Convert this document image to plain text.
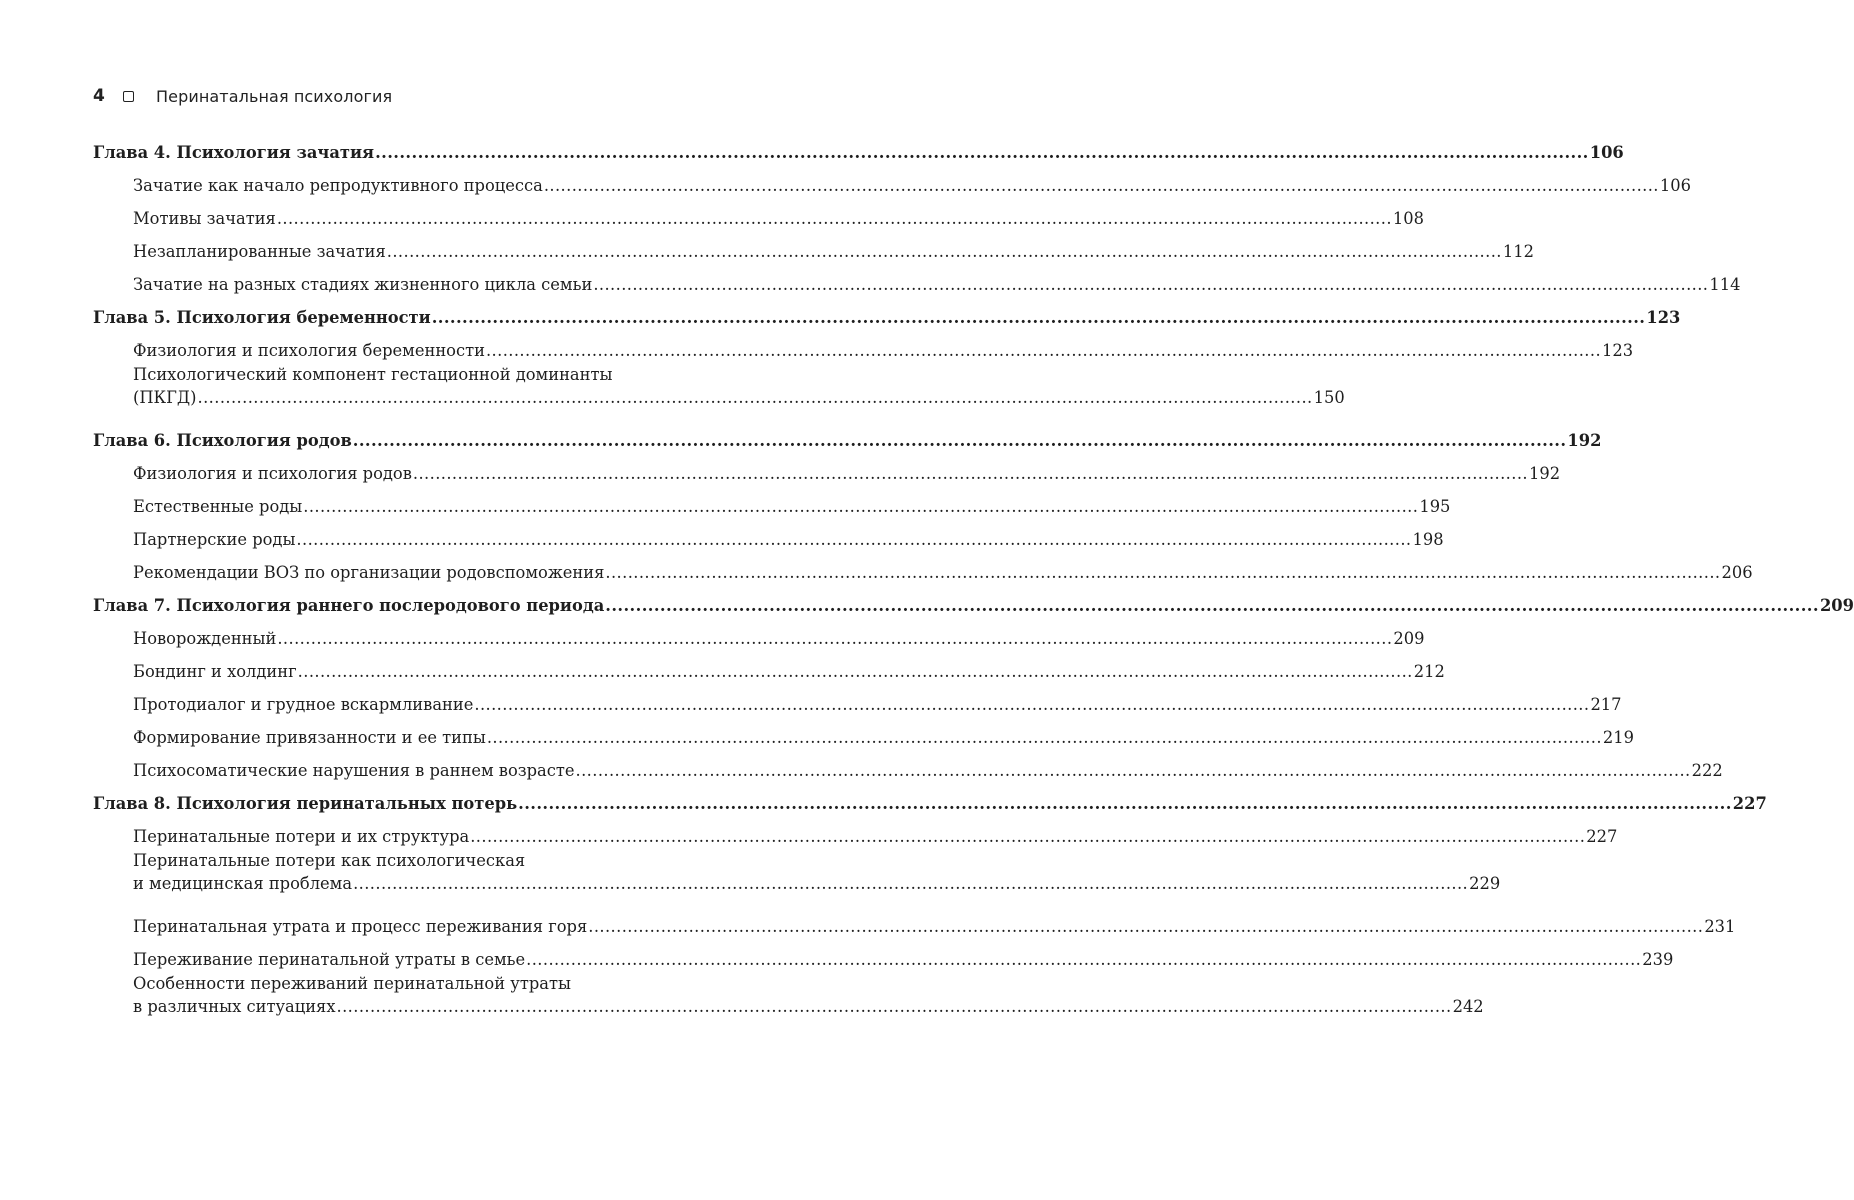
4	Перинатальная психология
Глава 4. Психология зачатия ........................................................................................................................................................................................................ 106
Зачатие как начало репродуктивного процесса ........................................................................................................................................................................................................ 106
Мотивы зачатия ........................................................................................................................................................................................................ 108
Незапланированные зачатия ........................................................................................................................................................................................................ 112
Зачатие на разных стадиях жизненного цикла семьи ........................................................................................................................................................................................................ 114
Глава 5. Психология беременности ........................................................................................................................................................................................................ 123
Физиология и психология беременности ........................................................................................................................................................................................................ 123
Психологический компонент гестационной доминанты
(ПКГД) ........................................................................................................................................................................................................ 150
Глава 6. Психология родов ........................................................................................................................................................................................................ 192
Физиология и психология родов ........................................................................................................................................................................................................ 192
Естественные роды ........................................................................................................................................................................................................ 195
Партнерские роды ........................................................................................................................................................................................................ 198
Рекомендации ВОЗ по организации родовспоможения ........................................................................................................................................................................................................ 206
Глава 7. Психология раннего послеродового периода ........................................................................................................................................................................................................ 209
Новорожденный ........................................................................................................................................................................................................ 209
Бондинг и холдинг ........................................................................................................................................................................................................ 212
Протодиалог и грудное вскармливание ........................................................................................................................................................................................................ 217
Формирование привязанности и ее типы ........................................................................................................................................................................................................ 219
Психосоматические нарушения в раннем возрасте ........................................................................................................................................................................................................ 222
Глава 8. Психология перинатальных потерь ........................................................................................................................................................................................................ 227
Перинатальные потери и их структура ........................................................................................................................................................................................................ 227
Перинатальные потери как психологическая
и медицинская проблема ........................................................................................................................................................................................................ 229
Перинатальная утрата и процесс переживания горя ........................................................................................................................................................................................................ 231
Переживание перинатальной утраты в семье ........................................................................................................................................................................................................ 239
Особенности переживаний перинатальной утраты
в различных ситуациях ........................................................................................................................................................................................................ 242
